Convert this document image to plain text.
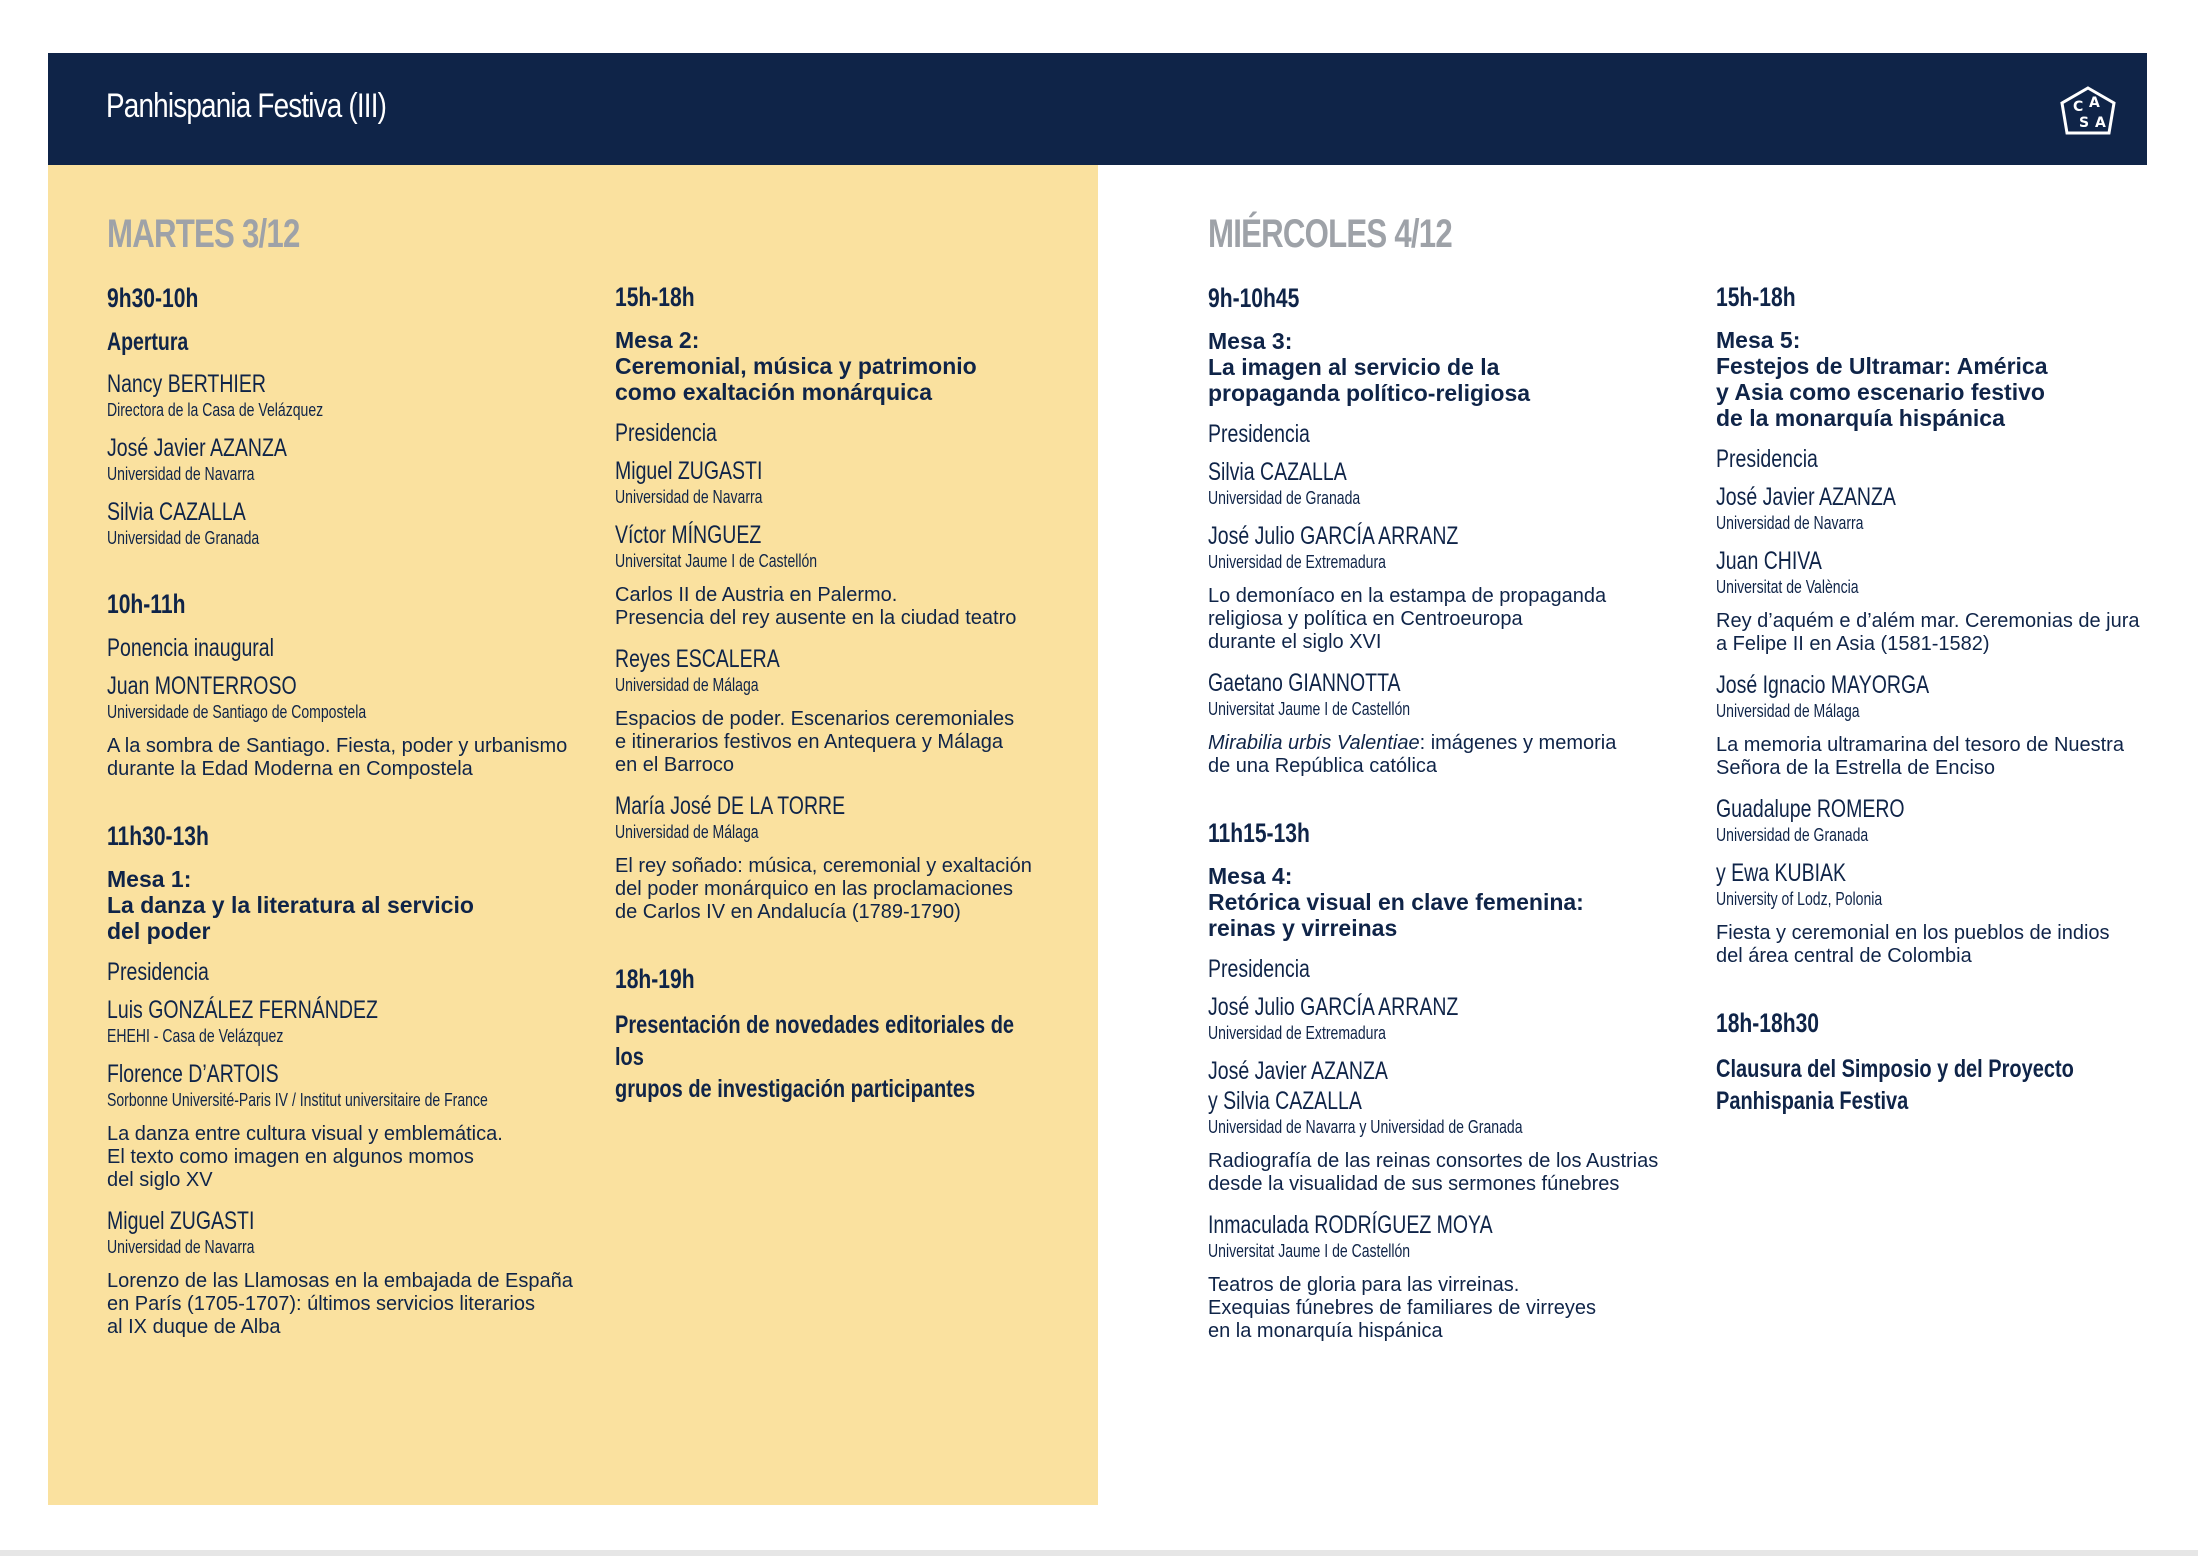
Panhispania Festiva (III)	C A
S A
MARTES 3/12
9h30-10h
Apertura
Nancy BERTHIER
Directora de la Casa de Velázquez
José Javier AZANZA
Universidad de Navarra
Silvia CAZALLA
Universidad de Granada
10h-11h
Ponencia inaugural
Juan MONTERROSO
Universidade de Santiago de Compostela
A la sombra de Santiago. Fiesta, poder y urbanismo
durante la Edad Moderna en Compostela
11h30-13h
Mesa 1:
La danza y la literatura al servicio
del poder
Presidencia
Luis GONZÁLEZ FERNÁNDEZ
EHEHI - Casa de Velázquez
Florence D’ARTOIS
Sorbonne Université-Paris IV / Institut universitaire de France
La danza entre cultura visual y emblemática.
El texto como imagen en algunos momos
del siglo XV
Miguel ZUGASTI
Universidad de Navarra
Lorenzo de las Llamosas en la embajada de España
en París (1705-1707): últimos servicios literarios
al IX duque de Alba
15h-18h
Mesa 2:
Ceremonial, música y patrimonio
como exaltación monárquica
Presidencia
Miguel ZUGASTI
Universidad de Navarra
Víctor MÍNGUEZ
Universitat Jaume I de Castellón
Carlos II de Austria en Palermo.
Presencia del rey ausente en la ciudad teatro
Reyes ESCALERA
Universidad de Málaga
Espacios de poder. Escenarios ceremoniales
e itinerarios festivos en Antequera y Málaga
en el Barroco
María José DE LA TORRE
Universidad de Málaga
El rey soñado: música, ceremonial y exaltación
del poder monárquico en las proclamaciones
de Carlos IV en Andalucía (1789-1790)
18h-19h
Presentación de novedades editoriales de los
grupos de investigación participantes
MIÉRCOLES 4/12
9h-10h45
Mesa 3:
La imagen al servicio de la
propaganda político-religiosa
Presidencia
Silvia CAZALLA
Universidad de Granada
José Julio GARCÍA ARRANZ
Universidad de Extremadura
Lo demoníaco en la estampa de propaganda
religiosa y política en Centroeuropa
durante el siglo XVI
Gaetano GIANNOTTA
Universitat Jaume I de Castellón
Mirabilia urbis Valentiae: imágenes y memoria
de una República católica
11h15-13h
Mesa 4:
Retórica visual en clave femenina:
reinas y virreinas
Presidencia
José Julio GARCÍA ARRANZ
Universidad de Extremadura
José Javier AZANZA
y Silvia CAZALLA
Universidad de Navarra y Universidad de Granada
Radiografía de las reinas consortes de los Austrias
desde la visualidad de sus sermones fúnebres
Inmaculada RODRÍGUEZ MOYA
Universitat Jaume I de Castellón
Teatros de gloria para las virreinas.
Exequias fúnebres de familiares de virreyes
en la monarquía hispánica
15h-18h
Mesa 5:
Festejos de Ultramar: América
y Asia como escenario festivo
de la monarquía hispánica
Presidencia
José Javier AZANZA
Universidad de Navarra
Juan CHIVA
Universitat de València
Rey d’aquém e d’além mar. Ceremonias de jura
a Felipe II en Asia (1581-1582)
José Ignacio MAYORGA
Universidad de Málaga
La memoria ultramarina del tesoro de Nuestra
Señora de la Estrella de Enciso
Guadalupe ROMERO
Universidad de Granada
y Ewa KUBIAK
University of Lodz, Polonia
Fiesta y ceremonial en los pueblos de indios
del área central de Colombia
18h-18h30
Clausura del Simposio y del Proyecto
Panhispania Festiva
